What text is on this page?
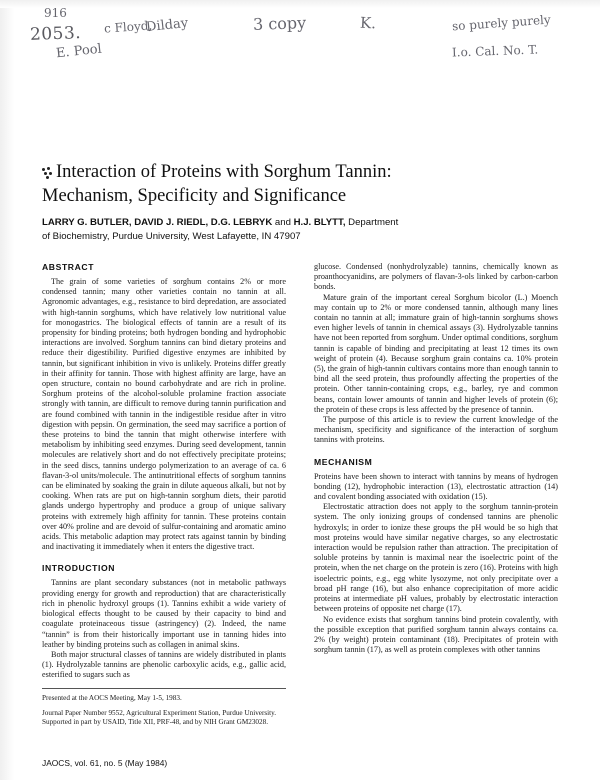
2053.
916
c Floyd,
Dilday	3 copy	K.	so purely purely
E. Pool	I.o. Cal. No. T.
Interaction of Proteins with Sorghum Tannin:
Mechanism, Specificity and Significance
LARRY G. BUTLER, DAVID J. RIEDL, D.G. LEBRYK and H.J. BLYTT, Department
of Biochemistry, Purdue University, West Lafayette, IN 47907
ABSTRACT

The grain of some varieties of sorghum contains 2% or more condensed tannin; many other varieties contain no tannin at all. Agronomic advantages, e.g., resistance to bird depredation, are associated with high-tannin sorghums, which have relatively low nutritional value for monogastrics. The biological effects of tannin are a result of its propensity for binding proteins; both hydrogen bonding and hydrophobic interactions are involved. Sorghum tannins can bind dietary proteins and reduce their digestibility. Purified digestive enzymes are inhibited by tannin, but significant inhibition in vivo is unlikely. Proteins differ greatly in their affinity for tannin. Those with highest affinity are large, have an open structure, contain no bound carbohydrate and are rich in proline. Sorghum proteins of the alcohol-soluble prolamine fraction associate strongly with tannin, are difficult to remove during tannin purification and are found combined with tannin in the indigestible residue after in vitro digestion with pepsin. On germination, the seed may sacrifice a portion of these proteins to bind the tannin that might otherwise interfere with metabolism by inhibiting seed enzymes. During seed development, tannin molecules are relatively short and do not effectively precipitate proteins; in the seed discs, tannins undergo polymerization to an average of ca. 6 flavan-3-ol units/molecule. The antinutritional effects of sorghum tannins can be eliminated by soaking the grain in dilute aqueous alkali, but not by cooking. When rats are put on high-tannin sorghum diets, their parotid glands undergo hypertrophy and produce a group of unique salivary proteins with extremely high affinity for tannin. These proteins contain over 40% proline and are devoid of sulfur-containing and aromatic amino acids. This metabolic adaption may protect rats against tannin by binding and inactivating it immediately when it enters the digestive tract.

INTRODUCTION

Tannins are plant secondary substances (not in metabolic pathways providing energy for growth and reproduction) that are characteristically rich in phenolic hydroxyl groups (1). Tannins exhibit a wide variety of biological effects thought to be caused by their capacity to bind and coagulate proteinaceous tissue (astringency) (2). Indeed, the name “tannin” is from their historically important use in tanning hides into leather by binding proteins such as collagen in animal skins.

Both major structural classes of tannins are widely distributed in plants (1). Hydrolyzable tannins are phenolic carboxylic acids, e.g., gallic acid, esterified to sugars such as

Presented at the AOCS Meeting, May 1-5, 1983.

Journal Paper Number 9552, Agricultural Experiment Station, Purdue University. Supported in part by USAID, Title XII, PRF-48, and by NIH Grant GM23028.

glucose. Condensed (nonhydrolyzable) tannins, chemically known as proanthocyanidins, are polymers of flavan-3-ols linked by carbon-carbon bonds.

Mature grain of the important cereal Sorghum bicolor (L.) Moench may contain up to 2% or more condensed tannin, although many lines contain no tannin at all; immature grain of high-tannin sorghums shows even higher levels of tannin in chemical assays (3). Hydrolyzable tannins have not been reported from sorghum. Under optimal conditions, sorghum tannin is capable of binding and precipitating at least 12 times its own weight of protein (4). Because sorghum grain contains ca. 10% protein (5), the grain of high-tannin cultivars contains more than enough tannin to bind all the seed protein, thus profoundly affecting the properties of the protein. Other tannin-containing crops, e.g., barley, rye and common beans, contain lower amounts of tannin and higher levels of protein (6); the protein of these crops is less affected by the presence of tannin.

The purpose of this article is to review the current knowledge of the mechanism, specificity and significance of the interaction of sorghum tannins with proteins.

MECHANISM

Proteins have been shown to interact with tannins by means of hydrogen bonding (12), hydrophobic interaction (13), electrostatic attraction (14) and covalent bonding associated with oxidation (15).

Electrostatic attraction does not apply to the sorghum tannin-protein system. The only ionizing groups of condensed tannins are phenolic hydroxyls; in order to ionize these groups the pH would be so high that most proteins would have similar negative charges, so any electrostatic interaction would be repulsion rather than attraction. The precipitation of soluble proteins by tannin is maximal near the isoelectric point of the protein, when the net charge on the protein is zero (16). Proteins with high isoelectric points, e.g., egg white lysozyme, not only precipitate over a broad pH range (16), but also enhance coprecipitation of more acidic proteins at intermediate pH values, probably by electrostatic interaction between proteins of opposite net charge (17).

No evidence exists that sorghum tannins bind protein covalently, with the possible exception that purified sorghum tannin always contains ca. 2% (by weight) protein contaminant (18). Precipitates of protein with sorghum tannin (17), as well as protein complexes with other tannins

JAOCS, vol. 61, no. 5 (May 1984)
